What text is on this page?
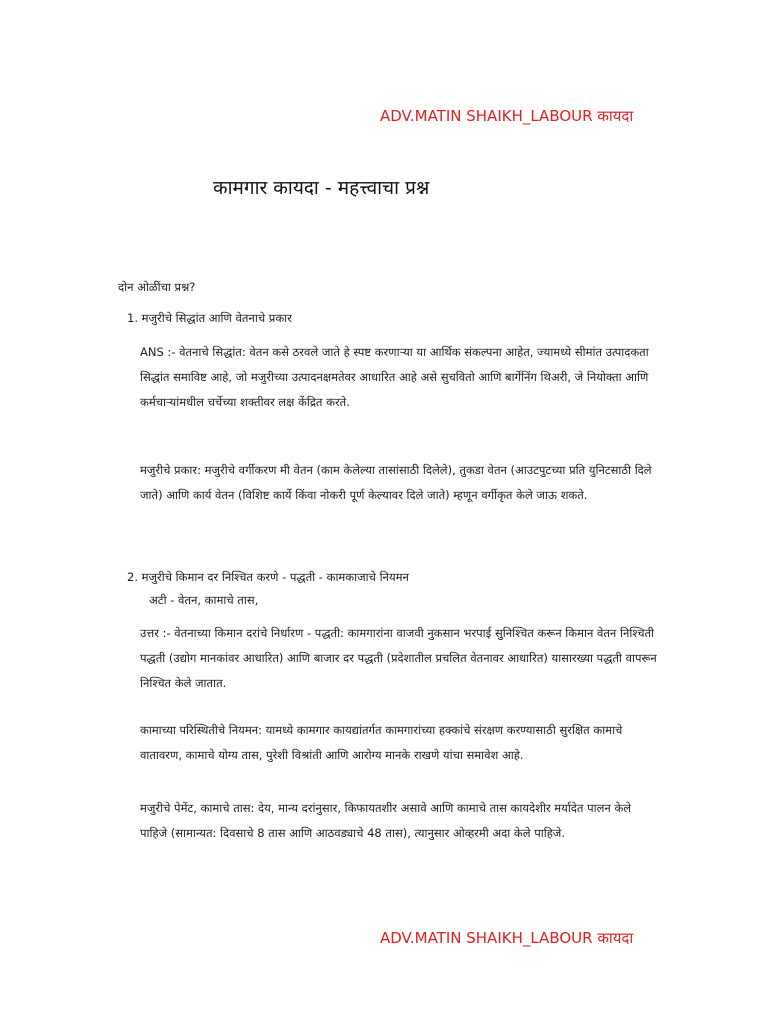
ADV.MATIN SHAIKH_LABOUR कायदा
कामगार कायदा - महत्त्वाचा प्रश्न
दोन ओळींचा प्रश्न?
1. मजुरीचे सिद्धांत आणि वेतनाचे प्रकार
ANS :- वेतनाचे सिद्धांत: वेतन कसे ठरवले जाते हे स्पष्ट करणाऱ्या या आर्थिक संकल्पना आहेत, ज्यामध्ये सीमांत उत्पादकता सिद्धांत समाविष्ट आहे, जो मजुरीच्या उत्पादनक्षमतेवर आधारित आहे असे सुचवितो आणि बार्गेनिंग थिअरी, जे नियोक्ता आणि कर्मचाऱ्यांमधील चर्चेच्या शक्तीवर लक्ष केंद्रित करते.
मजुरीचे प्रकार: मजुरीचे वर्गीकरण मी वेतन (काम केलेल्या तासांसाठी दिलेले), तुकडा वेतन (आउटपुटच्या प्रति युनिटसाठी दिले जाते) आणि कार्य वेतन (विशिष्ट कार्ये किंवा नोकरी पूर्ण केल्यावर दिले जाते) म्हणून वर्गीकृत केले जाऊ शकते.
2. मजुरीचे किमान दर निश्चित करणे - पद्धती - कामकाजाचे नियमन
अटी - वेतन, कामाचे तास,
उत्तर :- वेतनाच्या किमान दरांचे निर्धारण - पद्धती: कामगारांना वाजवी नुकसान भरपाई सुनिश्चित करून किमान वेतन निश्चिती पद्धती (उद्योग मानकांवर आधारित) आणि बाजार दर पद्धती (प्रदेशातील प्रचलित वेतनावर आधारित) यासारख्या पद्धती वापरून निश्चित केले जातात.
कामाच्या परिस्थितीचे नियमन: यामध्ये कामगार कायद्यांतर्गत कामगारांच्या हक्कांचे संरक्षण करण्यासाठी सुरक्षित कामाचे वातावरण, कामाचे योग्य तास, पुरेशी विश्रांती आणि आरोग्य मानके राखणे यांचा समावेश आहे.
मजुरीचे पेमेंट, कामाचे तास: देय, मान्य दरांनुसार, किफायतशीर असावे आणि कामाचे तास कायदेशीर मर्यादेत पालन केले पाहिजे (सामान्यत: दिवसाचे 8 तास आणि आठवड्याचे 48 तास), त्यानुसार ओव्हरमी अदा केले पाहिजे.
ADV.MATIN SHAIKH_LABOUR कायदा
